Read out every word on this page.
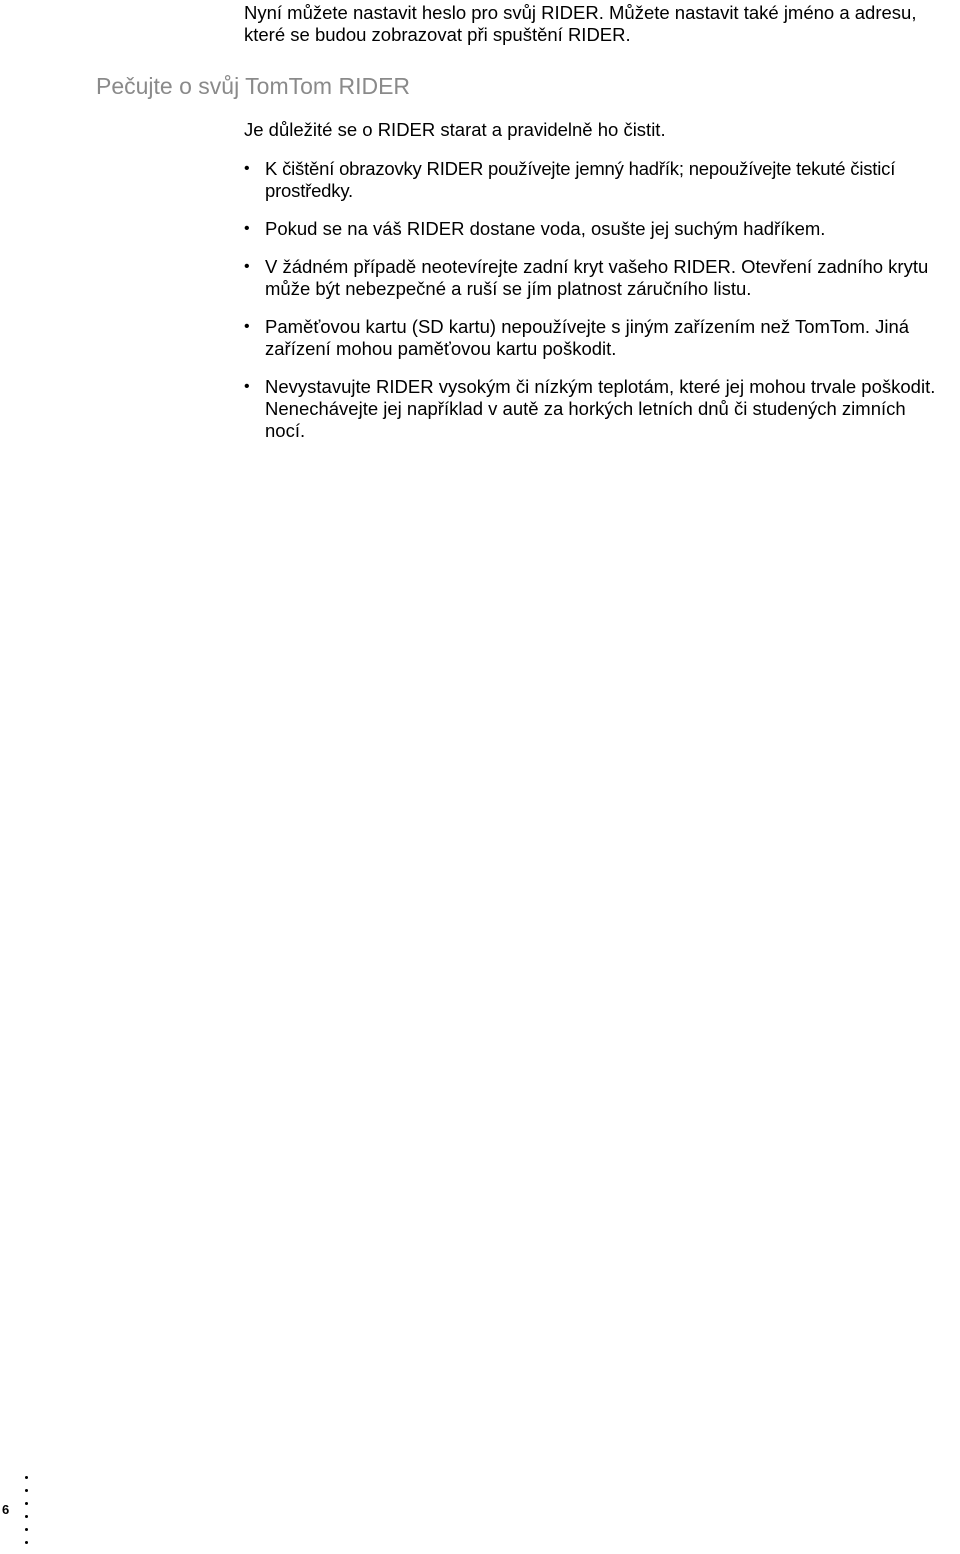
Nyní můžete nastavit heslo pro svůj RIDER. Můžete nastavit také jméno a adresu, které se budou zobrazovat při spuštění RIDER.

Pečujte o svůj TomTom RIDER

Je důležité se o RIDER starat a pravidelně ho čistit.

• K čištění obrazovky RIDER používejte jemný hadřík; nepoužívejte tekuté čisticí prostředky.
• Pokud se na váš RIDER dostane voda, osušte jej suchým hadříkem.
• V žádném případě neotevírejte zadní kryt vašeho RIDER. Otevření zadního krytu může být nebezpečné a ruší se jím platnost záručního listu.
• Paměťovou kartu (SD kartu) nepoužívejte s jiným zařízením než TomTom. Jiná zařízení mohou paměťovou kartu poškodit.
• Nevystavujte RIDER vysokým či nízkým teplotám, které jej mohou trvale poškodit. Nenechávejte jej například v autě za horkých letních dnů či studených zimních nocí.
6
